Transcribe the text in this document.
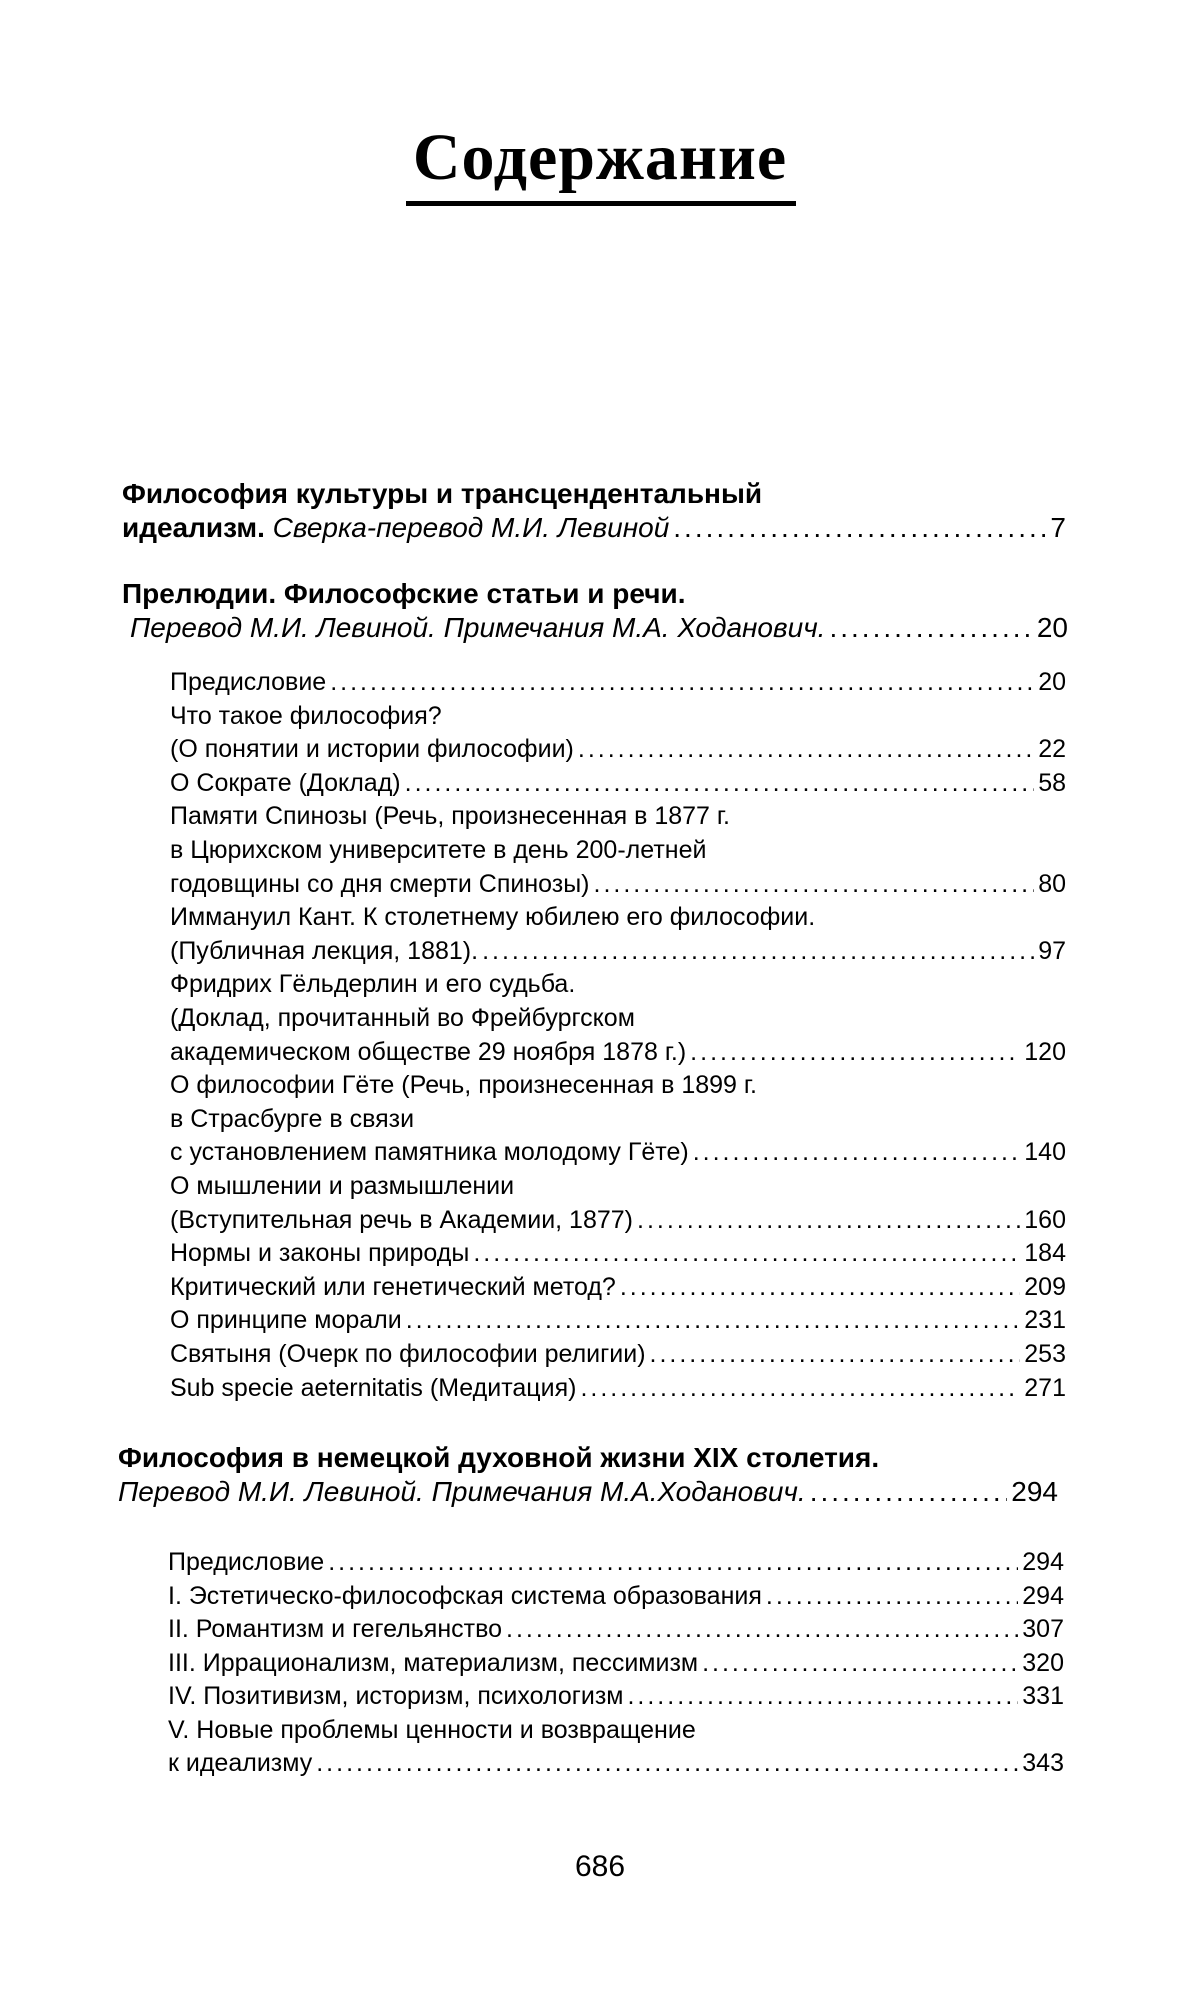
Содержание
Философия культуры и трансцендентальный
идеализм.
Сверка-перевод М.И. Левиной .....	7
Прелюдии. Философские статьи и речи.
Перевод М.И. Левиной. Примечания М.А. Ходанович. .....	20
Предисловие .....	20
Что такое философия?
(О понятии и истории философии) .....	22
О Сократе (Доклад) .....	58
Памяти Спинозы (Речь, произнесенная в 1877 г.
в Цюрихском университете в день 200-летней
годовщины со дня смерти Спинозы) .....	80
Иммануил Кант. К столетнему юбилею его философии.
(Публичная лекция, 1881). .....	97
Фридрих Гёльдерлин и его судьба.
(Доклад, прочитанный во Фрейбургском
академическом обществе 29 ноября 1878 г.) .....	120
О философии Гёте (Речь, произнесенная в 1899 г.
в Страсбурге в связи
с установлением памятника молодому Гёте) .....	140
О мышлении и размышлении
(Вступительная речь в Академии, 1877) .....	160
Нормы и законы природы .....	184
Критический или генетический метод? .....	209
О принципе морали .....	231
Святыня (Очерк по философии религии) .....	253
Sub specie aeternitatis (Медитация) .....	271
Философия в немецкой духовной жизни XIX столетия.
Перевод М.И. Левиной. Примечания М.А.Ходанович. .....	294
Предисловие .....	294
I. Эстетическо-философская система образования .....	294
II. Романтизм и гегельянство .....	307
III. Иррационализм, материализм, пессимизм .....	320
IV. Позитивизм, историзм, психологизм .....	331
V. Новые проблемы ценности и возвращение
к идеализму .....	343
686
